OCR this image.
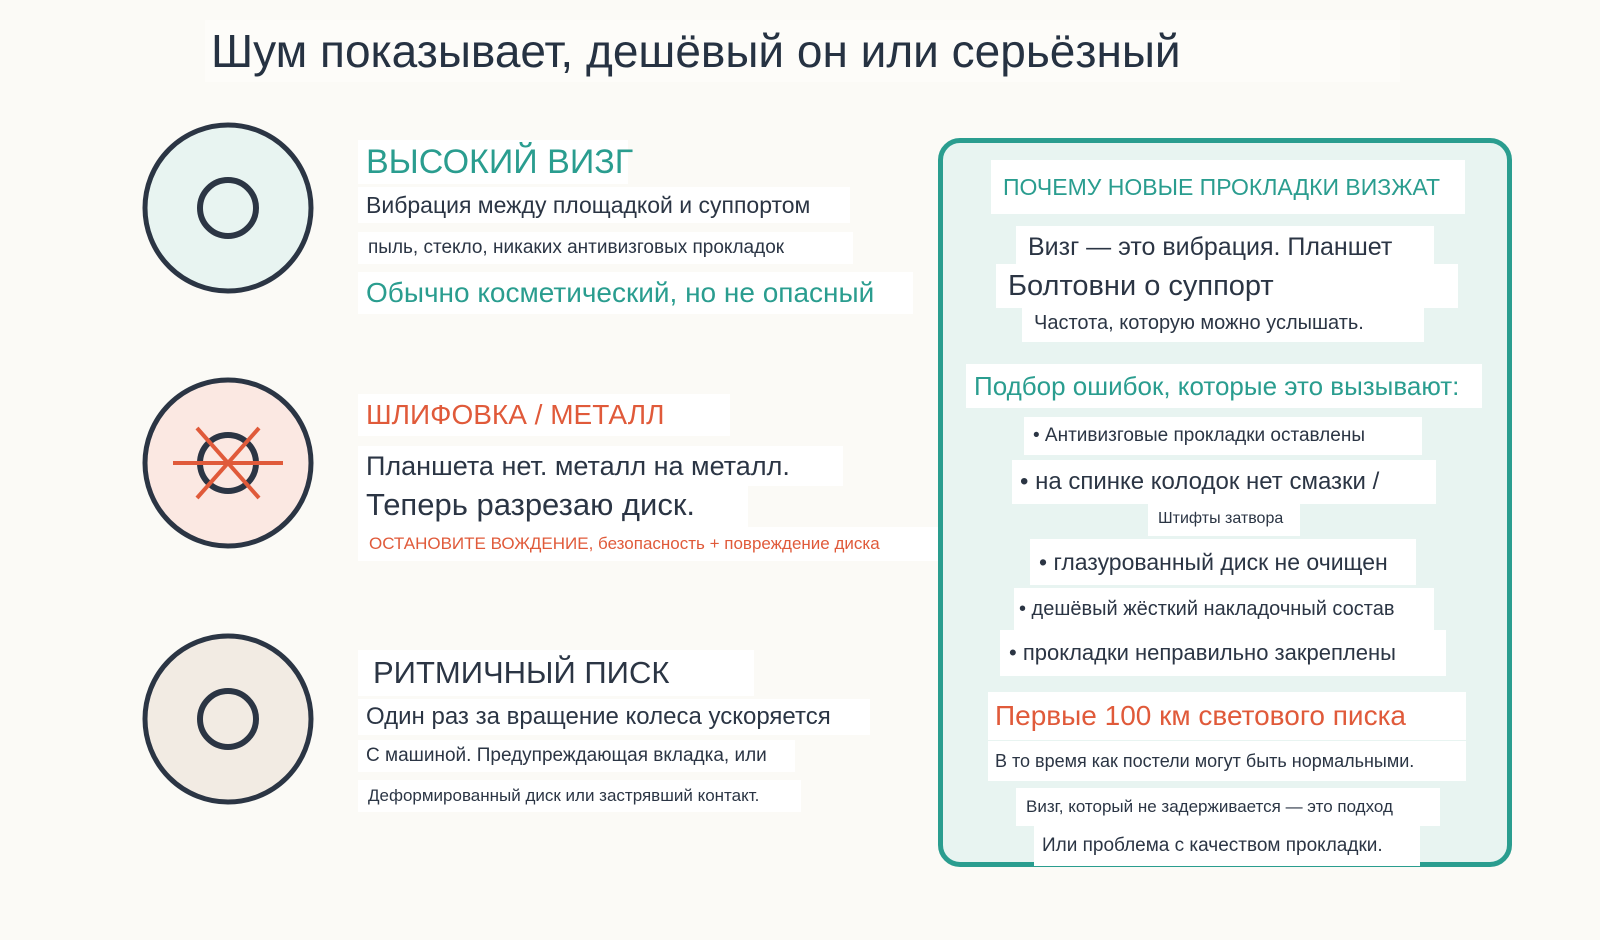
Шум показывает, дешёвый он или серьёзный
ВЫСОКИЙ ВИЗГ
Вибрация между площадкой и суппортом
пыль, стекло, никаких антивизговых прокладок
Обычно косметический, но не опасный
ШЛИФОВКА / МЕТАЛЛ
Планшета нет. металл на металл.
Теперь разрезаю диск.
ОСТАНОВИТЕ ВОЖДЕНИЕ, безопасность + повреждение диска
РИТМИЧНЫЙ ПИСК
Один раз за вращение колеса ускоряется
С машиной. Предупреждающая вкладка, или
Деформированный диск или застрявший контакт.
ПОЧЕМУ НОВЫЕ ПРОКЛАДКИ ВИЗЖАТ
Визг — это вибрация. Планшет
Болтовни о суппорт
Частота, которую можно услышать.
Подбор ошибок, которые это вызывают:
• Антивизговые прокладки оставлены
• на спинке колодок нет смазки /
Штифты затвора
• глазурованный диск не очищен
• дешёвый жёсткий накладочный состав
• прокладки неправильно закреплены
Первые 100 км светового писка
В то время как постели могут быть нормальными.
Визг, который не задерживается — это подход
Или проблема с качеством прокладки.
